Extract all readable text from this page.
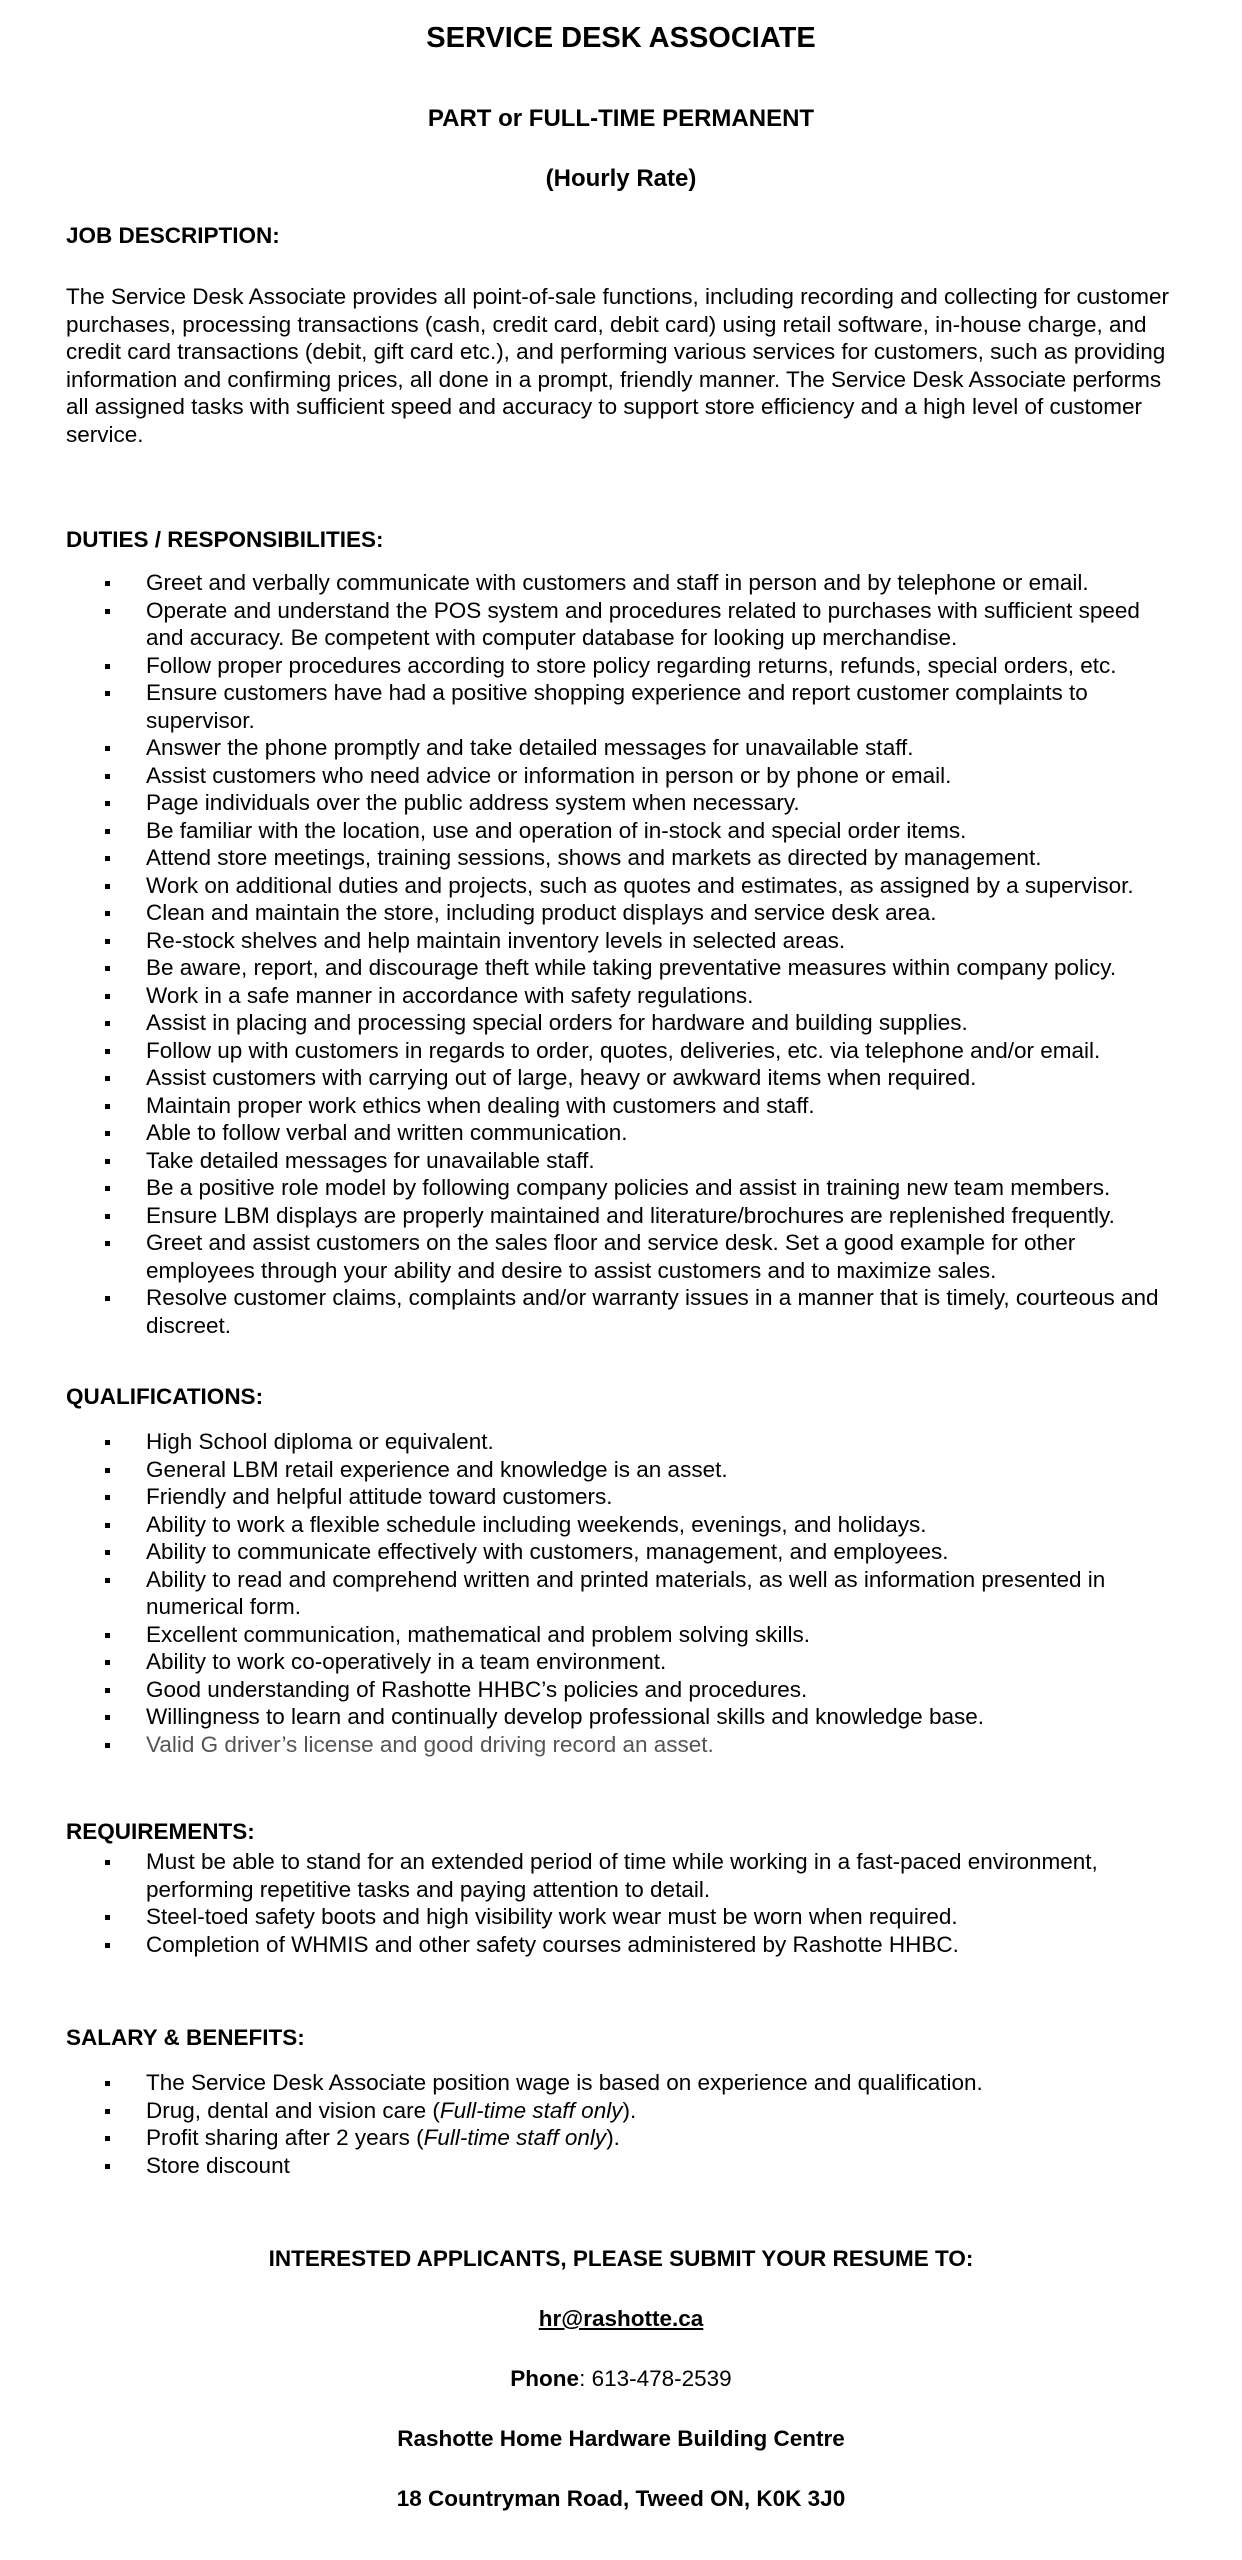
SERVICE DESK ASSOCIATE
PART or FULL-TIME PERMANENT
(Hourly Rate)
JOB DESCRIPTION:

The Service Desk Associate provides all point-of-sale functions, including recording and collecting for customer purchases, processing transactions (cash, credit card, debit card) using retail software, in-house charge, and credit card transactions (debit, gift card etc.), and performing various services for customers, such as providing information and confirming prices, all done in a prompt, friendly manner. The Service Desk Associate performs all assigned tasks with sufficient speed and accuracy to support store efficiency and a high level of customer service.

DUTIES / RESPONSIBILITIES:
Greet and verbally communicate with customers and staff in person and by telephone or email.
Operate and understand the POS system and procedures related to purchases with sufficient speed and accuracy. Be competent with computer database for looking up merchandise.
Follow proper procedures according to store policy regarding returns, refunds, special orders, etc.
Ensure customers have had a positive shopping experience and report customer complaints to supervisor.
Answer the phone promptly and take detailed messages for unavailable staff.
Assist customers who need advice or information in person or by phone or email.
Page individuals over the public address system when necessary.
Be familiar with the location, use and operation of in-stock and special order items.
Attend store meetings, training sessions, shows and markets as directed by management.
Work on additional duties and projects, such as quotes and estimates, as assigned by a supervisor.
Clean and maintain the store, including product displays and service desk area.
Re-stock shelves and help maintain inventory levels in selected areas.
Be aware, report, and discourage theft while taking preventative measures within company policy.
Work in a safe manner in accordance with safety regulations.
Assist in placing and processing special orders for hardware and building supplies.
Follow up with customers in regards to order, quotes, deliveries, etc. via telephone and/or email.
Assist customers with carrying out of large, heavy or awkward items when required.
Maintain proper work ethics when dealing with customers and staff.
Able to follow verbal and written communication.
Take detailed messages for unavailable staff.
Be a positive role model by following company policies and assist in training new team members.
Ensure LBM displays are properly maintained and literature/brochures are replenished frequently.
Greet and assist customers on the sales floor and service desk. Set a good example for other employees through your ability and desire to assist customers and to maximize sales.
Resolve customer claims, complaints and/or warranty issues in a manner that is timely, courteous and discreet.
QUALIFICATIONS:
High School diploma or equivalent.
General LBM retail experience and knowledge is an asset.
Friendly and helpful attitude toward customers.
Ability to work a flexible schedule including weekends, evenings, and holidays.
Ability to communicate effectively with customers, management, and employees.
Ability to read and comprehend written and printed materials, as well as information presented in numerical form.
Excellent communication, mathematical and problem solving skills.
Ability to work co-operatively in a team environment.
Good understanding of Rashotte HHBC’s policies and procedures.
Willingness to learn and continually develop professional skills and knowledge base.
Valid G driver’s license and good driving record an asset.
REQUIREMENTS:
Must be able to stand for an extended period of time while working in a fast-paced environment, performing repetitive tasks and paying attention to detail.
Steel-toed safety boots and high visibility work wear must be worn when required.
Completion of WHMIS and other safety courses administered by Rashotte HHBC.
SALARY & BENEFITS:
The Service Desk Associate position wage is based on experience and qualification.
Drug, dental and vision care (Full-time staff only).
Profit sharing after 2 years (Full-time staff only).
Store discount

INTERESTED APPLICANTS, PLEASE SUBMIT YOUR RESUME TO:

hr@rashotte.ca

Phone: 613-478-2539

Rashotte Home Hardware Building Centre

18 Countryman Road, Tweed ON, K0K 3J0
